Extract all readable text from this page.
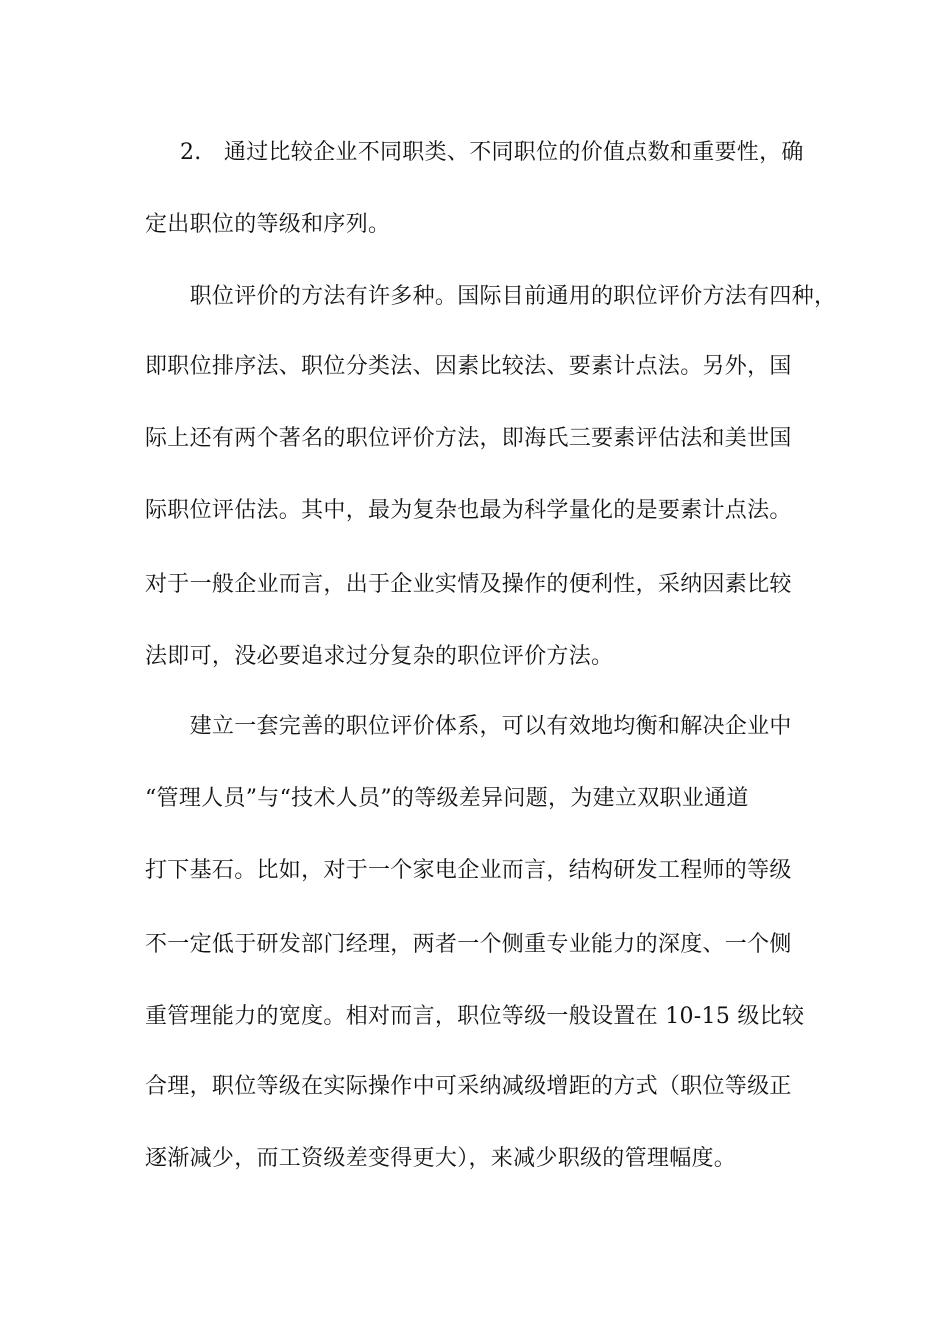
2.　通过比较企业不同职类、不同职位的价值点数和重要性，确
定出职位的等级和序列。
　　职位评价的方法有许多种。国际目前通用的职位评价方法有四种，
即职位排序法、职位分类法、因素比较法、要素计点法。另外，国
际上还有两个著名的职位评价方法，即海氏三要素评估法和美世国
际职位评估法。其中，最为复杂也最为科学量化的是要素计点法。
对于一般企业而言，出于企业实情及操作的便利性，采纳因素比较
法即可，没必要追求过分复杂的职位评价方法。
　　建立一套完善的职位评价体系，可以有效地均衡和解决企业中
“管理人员”与“技术人员”的等级差异问题，为建立双职业通道
打下基石。比如，对于一个家电企业而言，结构研发工程师的等级
不一定低于研发部门经理，两者一个侧重专业能力的深度、一个侧
重管理能力的宽度。相对而言，职位等级一般设置在 10-15 级比较
合理，职位等级在实际操作中可采纳减级增距的方式（职位等级正
逐渐减少，而工资级差变得更大），来减少职级的管理幅度。
